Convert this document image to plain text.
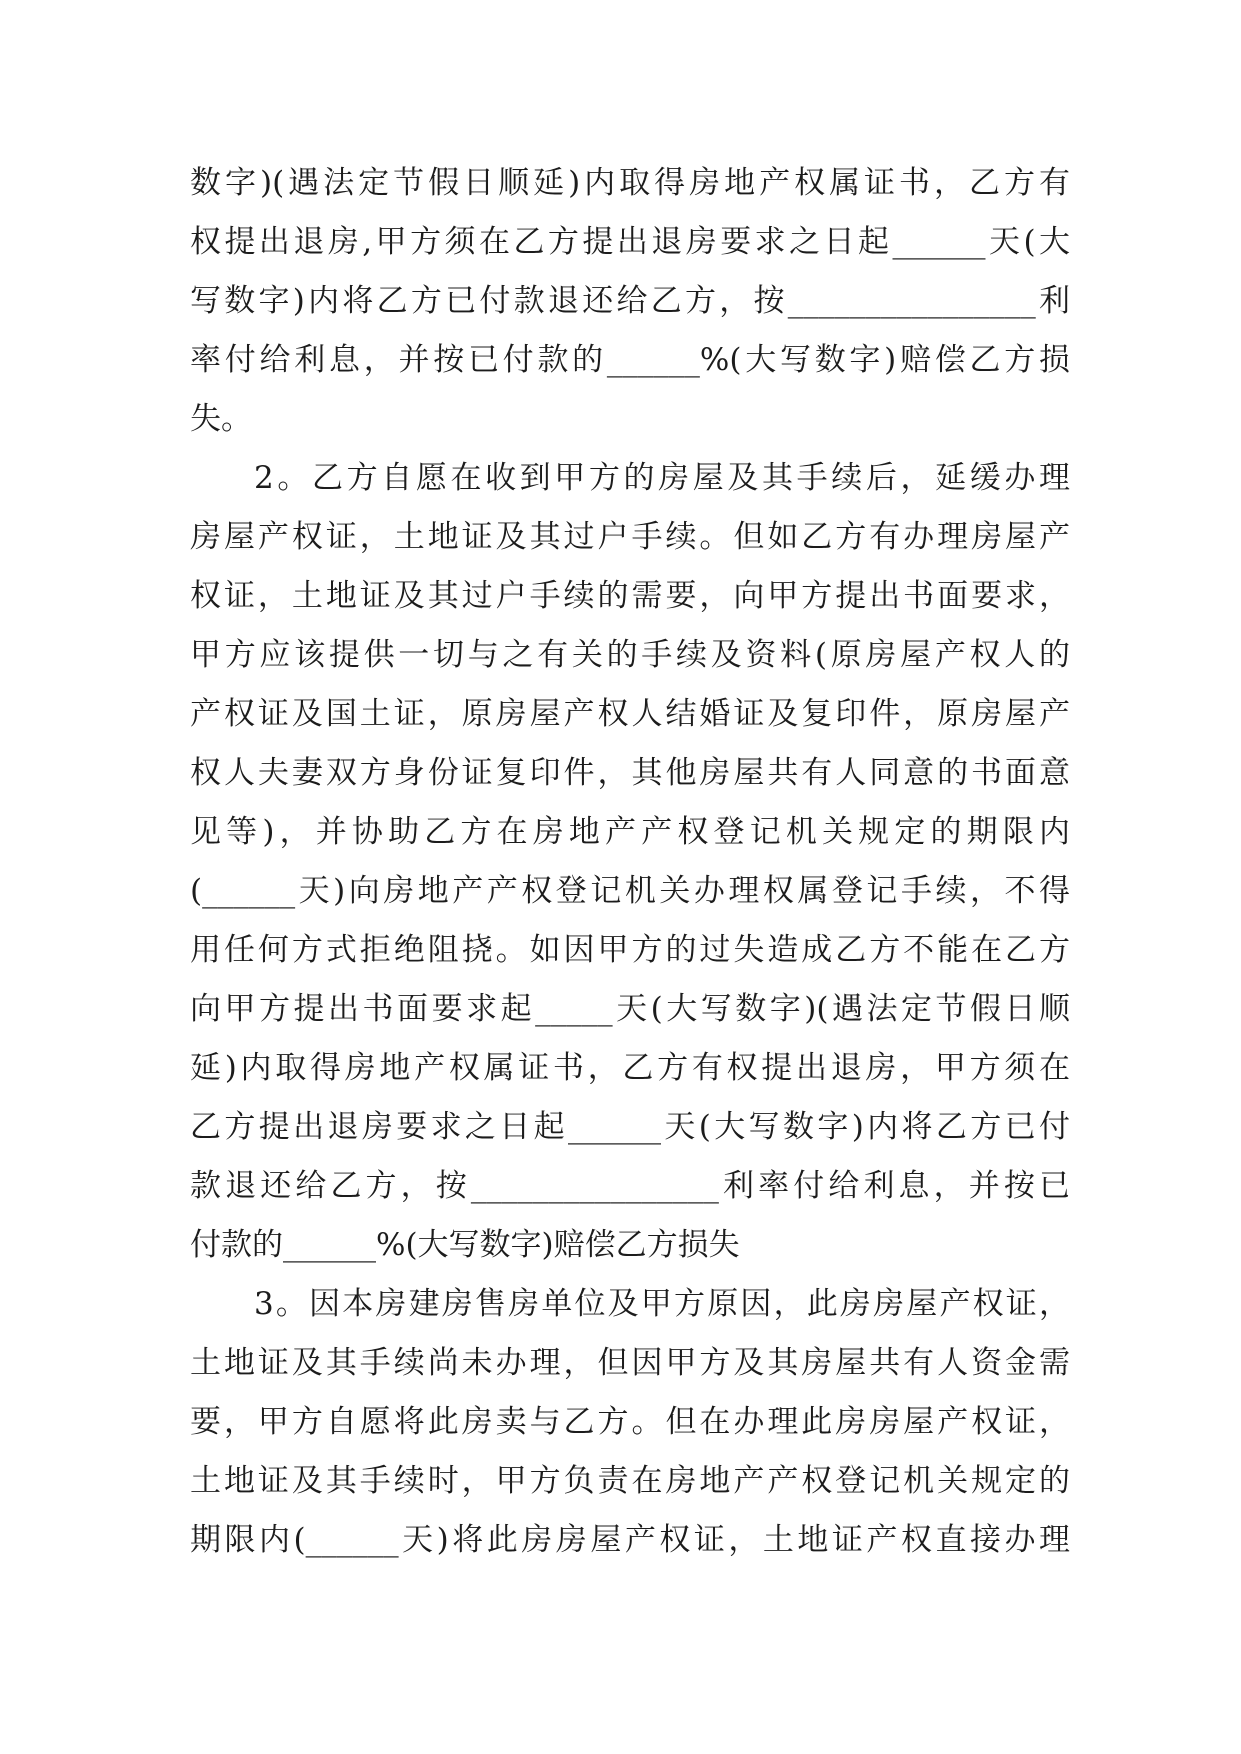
数字)(遇法定节假日顺延)内取得房地产权属证书，乙方有
权提出退房,甲方须在乙方提出退房要求之日起______天(大
写数字)内将乙方已付款退还给乙方，按________________利
率付给利息，并按已付款的______%(大写数字)赔偿乙方损
失。
2。乙方自愿在收到甲方的房屋及其手续后，延缓办理
房屋产权证，土地证及其过户手续。但如乙方有办理房屋产
权证，土地证及其过户手续的需要，向甲方提出书面要求，
甲方应该提供一切与之有关的手续及资料(原房屋产权人的
产权证及国土证，原房屋产权人结婚证及复印件，原房屋产
权人夫妻双方身份证复印件，其他房屋共有人同意的书面意
见等)，并协助乙方在房地产产权登记机关规定的期限内
(______天)向房地产产权登记机关办理权属登记手续，不得
用任何方式拒绝阻挠。如因甲方的过失造成乙方不能在乙方
向甲方提出书面要求起_____天(大写数字)(遇法定节假日顺
延)内取得房地产权属证书，乙方有权提出退房，甲方须在
乙方提出退房要求之日起______天(大写数字)内将乙方已付
款退还给乙方，按________________利率付给利息，并按已
付款的______%(大写数字)赔偿乙方损失
3。因本房建房售房单位及甲方原因，此房房屋产权证，
土地证及其手续尚未办理，但因甲方及其房屋共有人资金需
要，甲方自愿将此房卖与乙方。但在办理此房房屋产权证，
土地证及其手续时，甲方负责在房地产产权登记机关规定的
期限内(______天)将此房房屋产权证，土地证产权直接办理
